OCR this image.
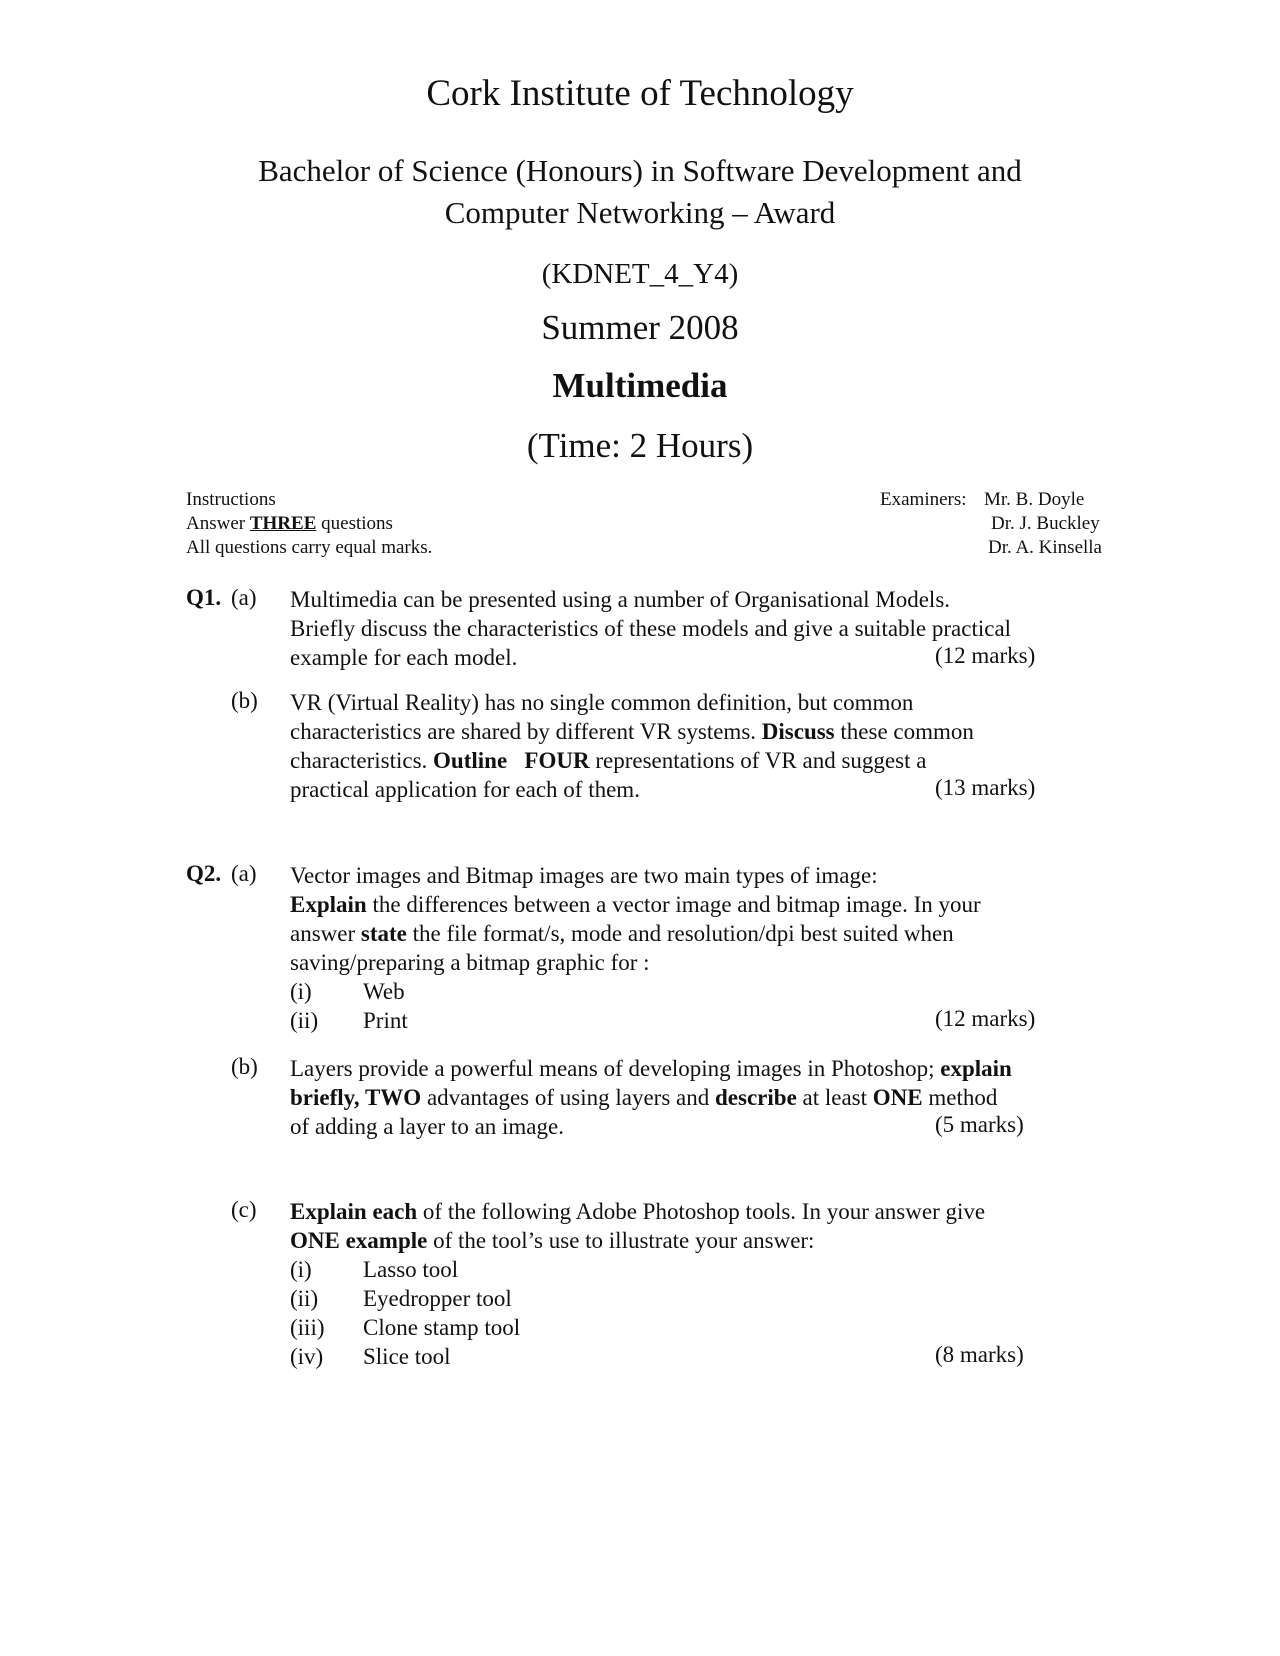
Cork Institute of Technology
Bachelor of Science (Honours) in Software Development and
Computer Networking – Award
(KDNET_4_Y4)
Summer 2008
Multimedia
(Time: 2 Hours)
Instructions
Answer THREE questions
All questions carry equal marks.
Examiners: Mr. B. Doyle
Dr. J. Buckley
Dr. A. Kinsella
Q1. (a) Multimedia can be presented using a number of Organisational Models.
Briefly discuss the characteristics of these models and give a suitable practical
example for each model.	(12 marks)
(b) VR (Virtual Reality) has no single common definition, but common
characteristics are shared by different VR systems. Discuss these common
characteristics. Outline FOUR representations of VR and suggest a
practical application for each of them.	(13 marks)
Q2. (a) Vector images and Bitmap images are two main types of image:
Explain the differences between a vector image and bitmap image. In your
answer state the file format/s, mode and resolution/dpi best suited when
saving/preparing a bitmap graphic for :
(i)	Web
(ii)	Print	(12 marks)
(b) Layers provide a powerful means of developing images in Photoshop; explain
briefly, TWO advantages of using layers and describe at least ONE method
of adding a layer to an image.	(5 marks)
(c) Explain each of the following Adobe Photoshop tools. In your answer give
ONE example of the tool’s use to illustrate your answer:
(i)	Lasso tool
(ii)	Eyedropper tool
(iii)	Clone stamp tool
(iv)	Slice tool	(8 marks)
